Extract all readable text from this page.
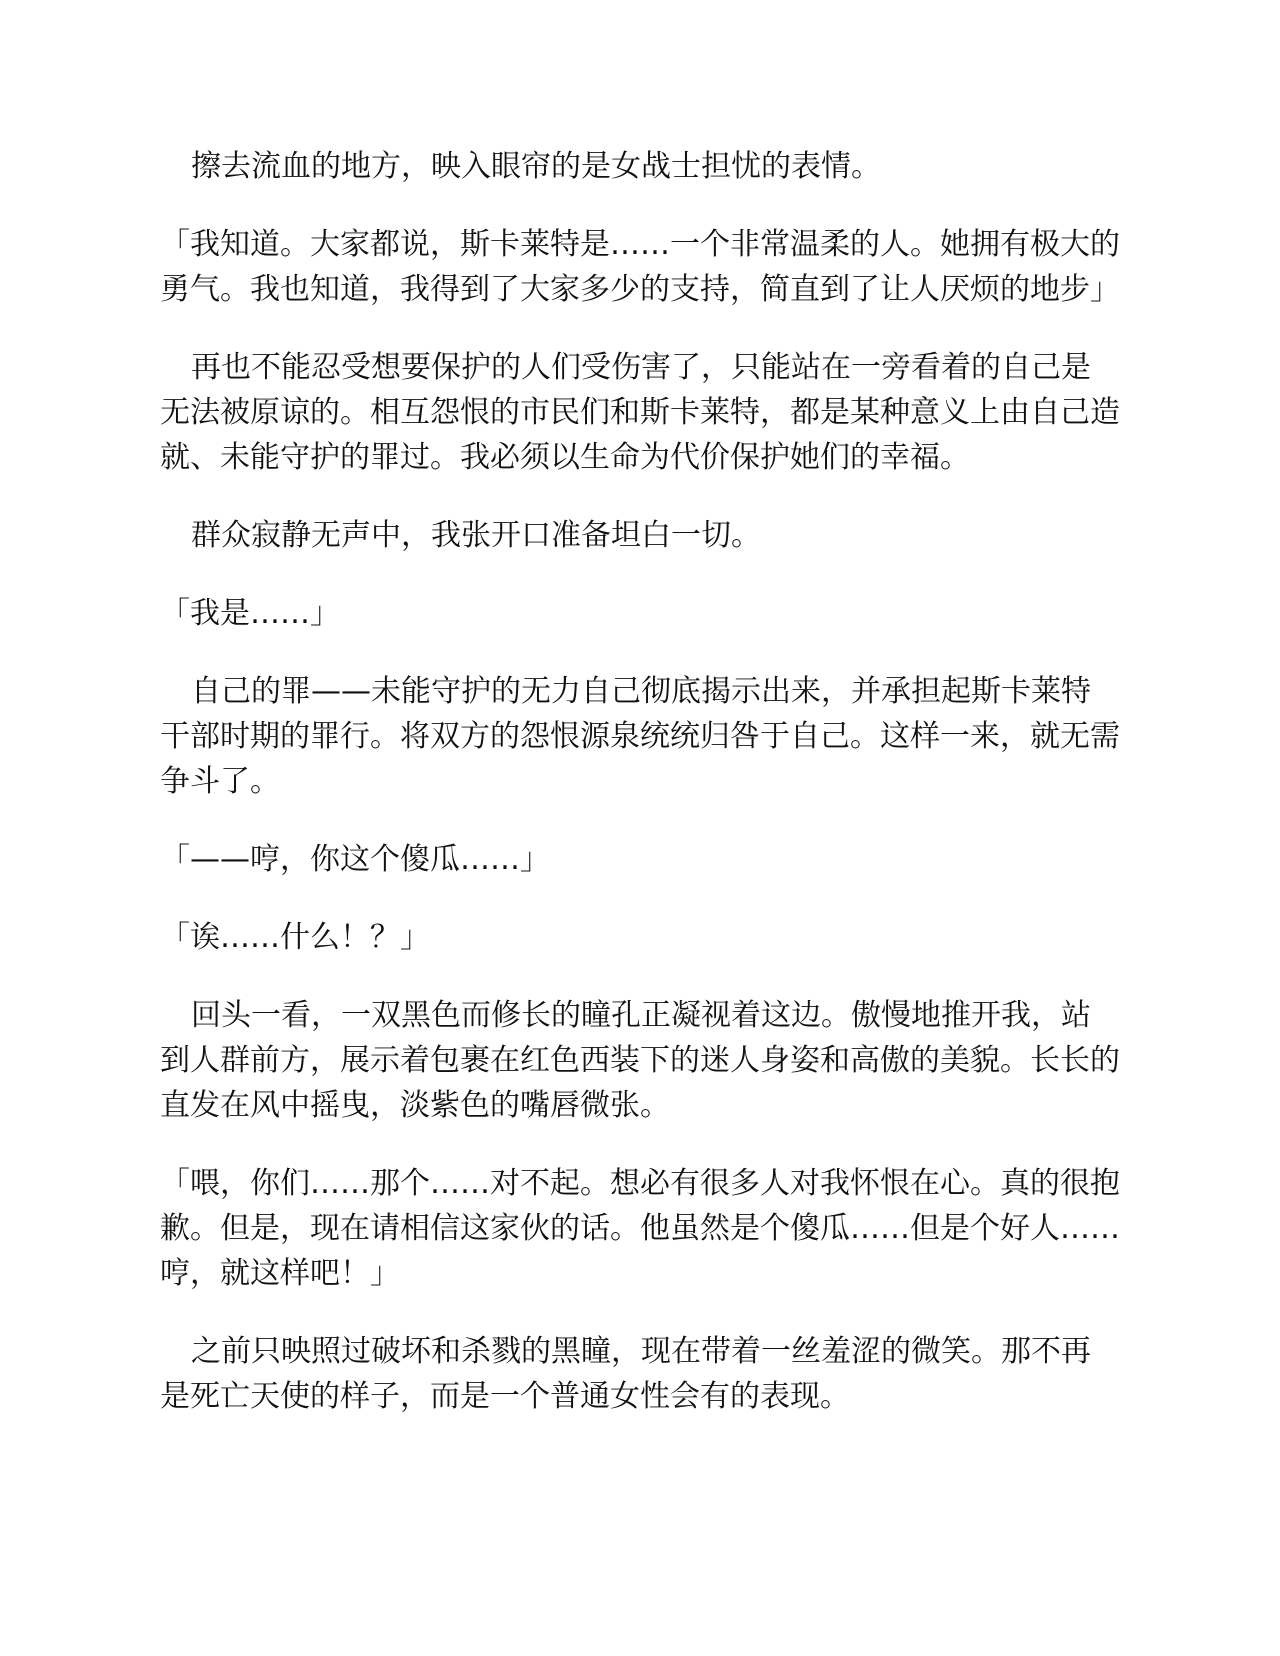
擦去流血的地方，映入眼帘的是女战士担忧的表情。

「我知道。大家都说，斯卡莱特是……一个非常温柔的人。她拥有极大的勇气。我也知道，我得到了大家多少的支持，简直到了让人厌烦的地步」

再也不能忍受想要保护的人们受伤害了，只能站在一旁看着的自己是无法被原谅的。相互怨恨的市民们和斯卡莱特，都是某种意义上由自己造就、未能守护的罪过。我必须以生命为代价保护她们的幸福。

群众寂静无声中，我张开口准备坦白一切。

「我是……」

自己的罪——未能守护的无力自己彻底揭示出来，并承担起斯卡莱特干部时期的罪行。将双方的怨恨源泉统统归咎于自己。这样一来，就无需争斗了。

「——哼，你这个傻瓜……」

「诶……什么！？」

回头一看，一双黑色而修长的瞳孔正凝视着这边。傲慢地推开我，站到人群前方，展示着包裹在红色西装下的迷人身姿和高傲的美貌。长长的直发在风中摇曳，淡紫色的嘴唇微张。

「喂，你们……那个……对不起。想必有很多人对我怀恨在心。真的很抱歉。但是，现在请相信这家伙的话。他虽然是个傻瓜……但是个好人……哼，就这样吧！」

之前只映照过破坏和杀戮的黑瞳，现在带着一丝羞涩的微笑。那不再是死亡天使的样子，而是一个普通女性会有的表现。
